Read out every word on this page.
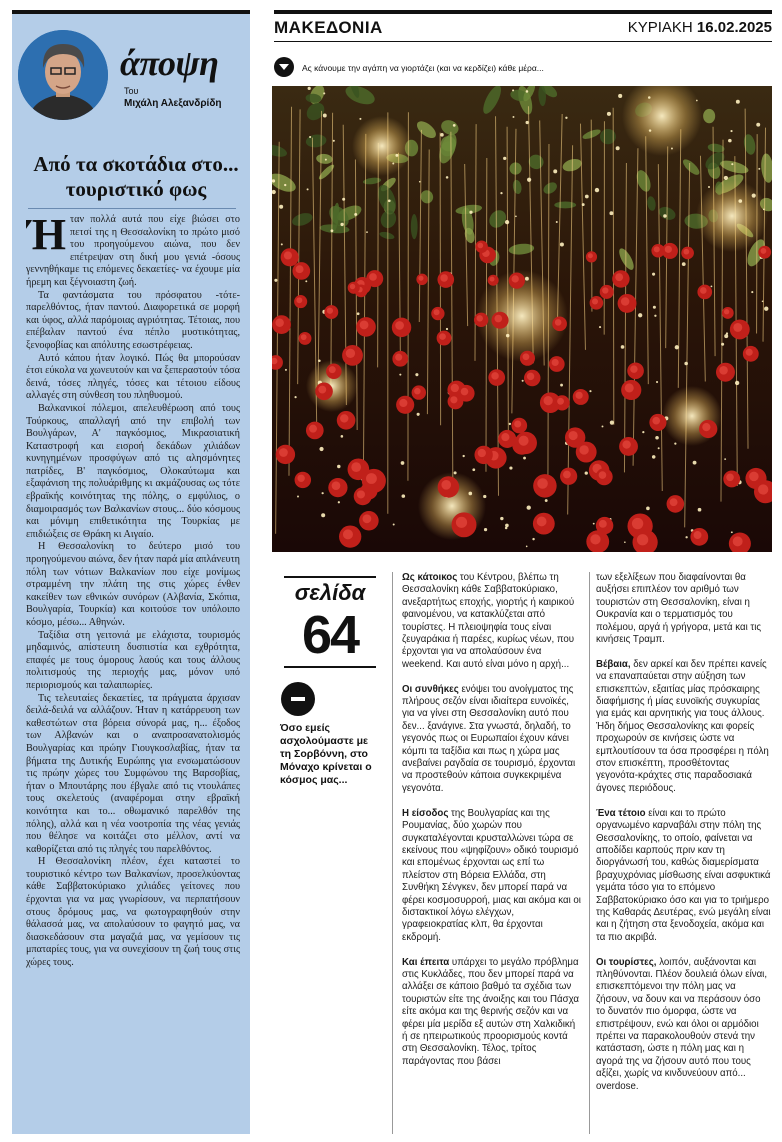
άποψη
Του
Μιχάλη Αλεξανδρίδη
Από τα σκοτάδια στο... τουριστικό φως

Ήταν πολλά αυτά που είχε βιώσει στο πετσί της η Θεσσαλονίκη το πρώτο μισό του προηγούμενου αιώνα, που δεν επέτρεψαν στη δική μου γενιά -όσους γεννηθήκαμε τις επόμενες δεκαετίες- να έχουμε μία ήρεμη και ξέγνοιαστη ζωή.

Τα φαντάσματα του πρόσφατου -τότε- παρελθόντος, ήταν παντού. Διαφορετικά σε μορφή και ύφος, αλλά παρόμοιας αγριότητας. Τέτοιας, που επέβαλαν παντού ένα πέπλο μυστικότητας, ξενοφοβίας και απόλυτης εσωστρέφειας.

Αυτό κάπου ήταν λογικό. Πώς θα μπορούσαν έτσι εύκολα να χωνευτούν και να ξεπεραστούν τόσα δεινά, τόσες πληγές, τόσες και τέτοιου είδους αλλαγές στη σύνθεση του πληθυσμού.

Βαλκανικοί πόλεμοι, απελευθέρωση από τους Τούρκους, απαλλαγή από την επιβολή των Βουλγάρων, Α' παγκόσμιος, Μικρασιατική Καταστροφή και εισροή δεκάδων χιλιάδων κυνηγημένων προσφύγων από τις αλησμόνητες πατρίδες, Β' παγκόσμιος, Ολοκαύτωμα και εξαφάνιση της πολυάριθμης κι ακμάζουσας ως τότε εβραϊκής κοινότητας της πόλης, ο εμφύλιος, ο διαμοιρασμός των Βαλκανίων στους... δύο κόσμους και μόνιμη επιθετικότητα της Τουρκίας με επιδιώξεις σε Θράκη κι Αιγαίο.

Η Θεσσαλονίκη το δεύτερο μισό του προηγούμενου αιώνα, δεν ήταν παρά μία απλάνευτη πόλη των νότιων Βαλκανίων που είχε μονίμως στραμμένη την πλάτη της στις χώρες ένθεν κακείθεν των εθνικών συνόρων (Αλβανία, Σκόπια, Βουλγαρία, Τουρκία) και κοιτούσε τον υπόλοιπο κόσμο, μέσω... Αθηνών.

Ταξίδια στη γειτονιά με ελάχιστα, τουρισμός μηδαμινός, απίστευτη δυσπιστία και εχθρότητα, επαφές με τους όμορους λαούς και τους άλλους πολιτισμούς της περιοχής μας, μόνον υπό περιορισμούς και ταλαιπωρίες.

Τις τελευταίες δεκαετίες, τα πράγματα άρχισαν δειλά-δειλά να αλλάζουν. Ήταν η κατάρρευση των καθεστώτων στα βόρεια σύνορά μας, η... έξοδος των Αλβανών και ο αναπροσανατολισμός Βουλγαρίας και πρώην Γιουγκοσλαβίας, ήταν τα βήματα της Δυτικής Ευρώπης για ενσωματώσουν τις πρώην χώρες του Συμφώνου της Βαρσοβίας, ήταν ο Μπουτάρης που έβγαλε από τις ντουλάπες τους σκελετούς (αναφέρομαι στην εβραϊκή κοινότητα και το... οθωμανικό παρελθόν της πόλης), αλλά και η νέα νοοτροπία της νέας γενιάς που θέλησε να κοιτάζει στο μέλλον, αντί να καθορίζεται από τις πληγές του παρελθόντος.

Η Θεσσαλονίκη πλέον, έχει καταστεί το τουριστικό κέντρο των Βαλκανίων, προσελκύοντας κάθε Σαββατοκύριακο χιλιάδες γείτονες που έρχονται για να μας γνωρίσουν, να περπατήσουν στους δρόμους μας, να φωτογραφηθούν στην θάλασσά μας, να απολαύσουν το φαγητό μας, να διασκεδάσουν στα μαγαζιά μας, να γεμίσουν τις μπαταρίες τους, για να συνεχίσουν τη ζωή τους στις χώρες τους.

ΜΑΚΕΔΟΝΙΑ	ΚΥΡΙΑΚΗ 16.02.2025
Ας κάνουμε την αγάπη να γιορτάζει (και να κερδίζει) κάθε μέρα...
σελίδα
64
Όσο εμείς ασχολούμαστε με τη Σορβόννη, στο Μόναχο κρίνεται ο κόσμος μας...

Ως κάτοικος του Κέντρου, βλέπω τη Θεσσαλονίκη κάθε Σαββατοκύριακο, ανεξαρτήτως εποχής, γιορτής ή καιρικού φαινομένου, να κατακλύζεται από τουρίστες. Η πλειοψηφία τους είναι ζευγαράκια ή παρέες, κυρίως νέων, που έρχονται για να απολαύσουν ένα weekend. Και αυτό είναι μόνο η αρχή...

Οι συνθήκες ενόψει του ανοίγματος της πλήρους σεζόν είναι ιδιαίτερα ευνοϊκές, για να γίνει στη Θεσσαλονίκη αυτό που δεν... ξανάγινε. Στα γνωστά, δηλαδή, το γεγονός πως οι Ευρωπαίοι έχουν κάνει κόμπι τα ταξίδια και πως η χώρα μας ανεβαίνει ραγδαία σε τουρισμό, έρχονται να προστεθούν κάποια συγκεκριμένα γεγονότα.

Η είσοδος της Βουλγαρίας και της Ρουμανίας, δύο χωρών που συγκαταλέγονται κρυσταλλώνει τώρα σε εκείνους που «ψηφίζουν» οδικό τουρισμό και επομένως έρχονται ως επί τω πλείστον στη Βόρεια Ελλάδα, στη Συνθήκη Σένγκεν, δεν μπορεί παρά να φέρει κοσμοσυρροή, μιας και ακόμα και οι διστακτικοί λόγω ελέγχων, γραφειοκρατίας κλπ, θα έρχονται εκδρομή.

Και έπειτα υπάρχει το μεγάλο πρόβλημα στις Κυκλάδες, που δεν μπορεί παρά να αλλάξει σε κάποιο βαθμό τα σχέδια των τουριστών είτε της άνοιξης και του Πάσχα είτε ακόμα και της θερινής σεζόν και να φέρει μία μερίδα εξ αυτών στη Χαλκιδική ή σε ηπειρωτικούς προορισμούς κοντά στη Θεσσαλονίκη. Τέλος, τρίτος παράγοντας που βάσει

των εξελίξεων που διαφαίνονται θα αυξήσει επιπλέον τον αριθμό των τουριστών στη Θεσσαλονίκη, είναι η Ουκρανία και ο τερματισμός του πολέμου, αργά ή γρήγορα, μετά και τις κινήσεις Τραμπ.

Βέβαια, δεν αρκεί και δεν πρέπει κανείς να επαναπαύεται στην αύξηση των επισκεπτών, εξαιτίας μίας πρόσκαιρης διαφήμισης ή μίας ευνοϊκής συγκυρίας για εμάς και αρνητικής για τους άλλους. Ήδη δήμος Θεσσαλονίκης και φορείς προχωρούν σε κινήσεις ώστε να εμπλουτίσουν τα όσα προσφέρει η πόλη στον επισκέπτη, προσθέτοντας γεγονότα-κράχτες στις παραδοσιακά άγονες περιόδους.

Ένα τέτοιο είναι και το πρώτο οργανωμένο καρναβάλι στην πόλη της Θεσσαλονίκης, το οποίο, φαίνεται να αποδίδει καρπούς πριν καν τη διοργάνωσή του, καθώς διαμερίσματα βραχυχρόνιας μίσθωσης είναι ασφυκτικά γεμάτα τόσο για το επόμενο Σαββατοκύριακο όσο και για το τριήμερο της Καθαράς Δευτέρας, ενώ μεγάλη είναι και η ζήτηση στα ξενοδοχεία, ακόμα και τα πιο ακριβά.

Οι τουρίστες, λοιπόν, αυξάνονται και πληθύνονται. Πλέον δουλειά όλων είναι, επισκεπτόμενοι την πόλη μας να ζήσουν, να δουν και να περάσουν όσο το δυνατόν πιο όμορφα, ώστε να επιστρέψουν, ενώ και όλοι οι αρμόδιοι πρέπει να παρακολουθούν στενά την κατάσταση, ώστε η πόλη μας και η αγορά της να ζήσουν αυτό που τους αξίζει, χωρίς να κινδυνεύουν από... overdose.
